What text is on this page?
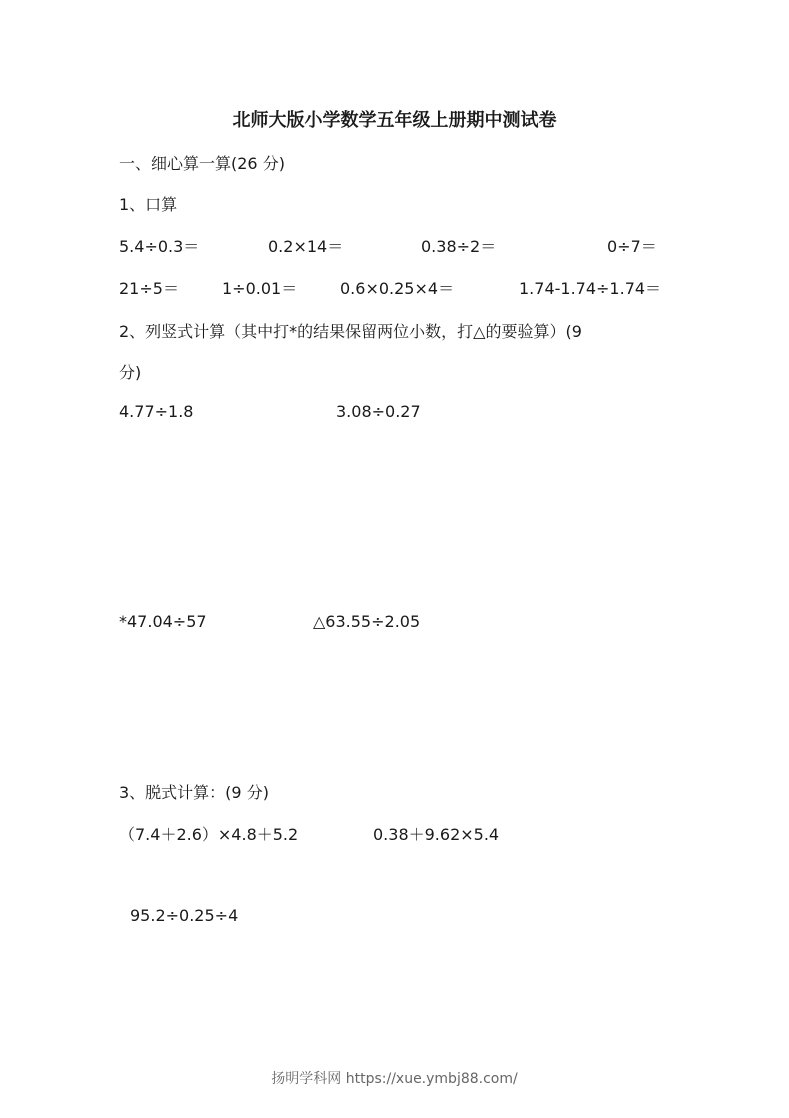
北师大版小学数学五年级上册期中测试卷
一、细心算一算(26 分)
1、口算
5.4÷0.3＝	0.2×14＝	0.38÷2＝	0÷7＝
21÷5＝	1÷0.01＝	0.6×0.25×4＝	1.74-1.74÷1.74＝
2、列竖式计算（其中打*的结果保留两位小数，打△的要验算）(9
分)
4.77÷1.8	3.08÷0.27
*47.04÷57	△63.55÷2.05
3、脱式计算：(9 分)
（7.4＋2.6）×4.8＋5.2	0.38＋9.62×5.4
95.2÷0.25÷4
扬明学科网 https://xue.ymbj88.com/
